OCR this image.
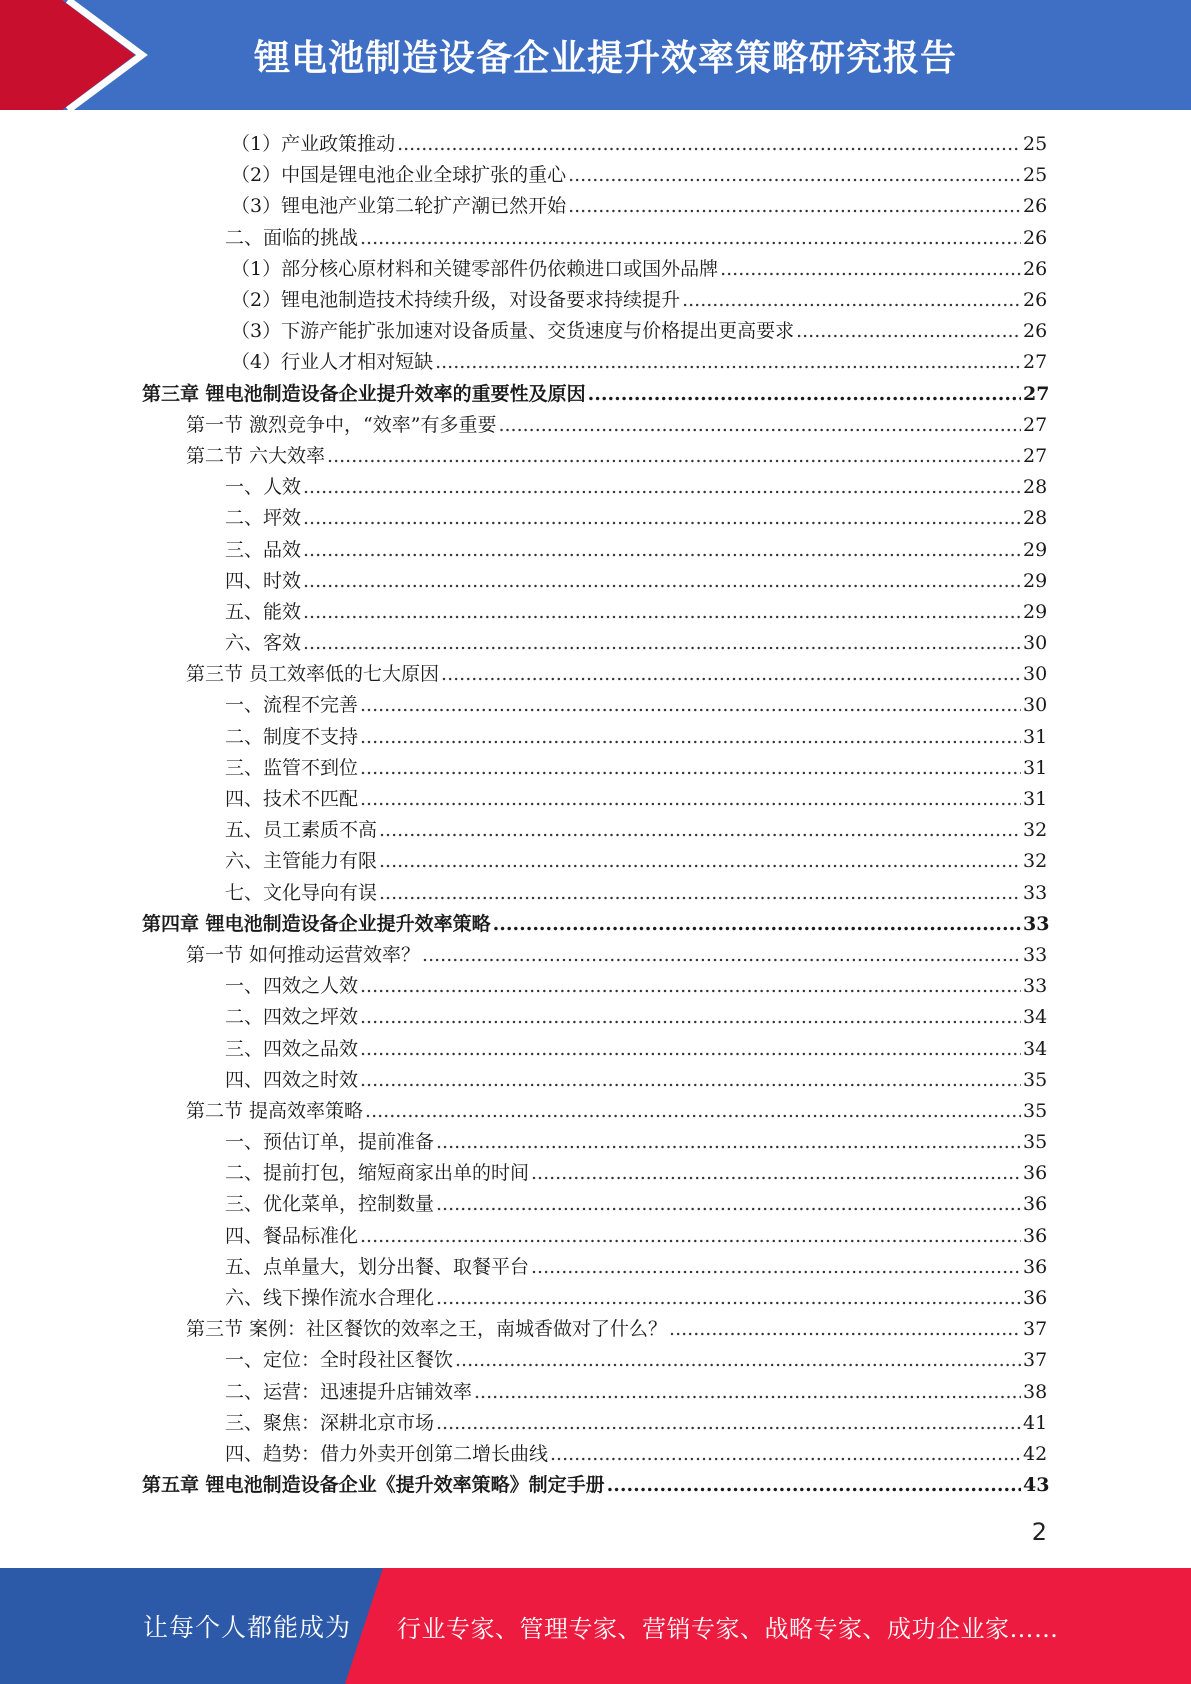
锂电池制造设备企业提升效率策略研究报告
（1）产业政策推动 .....	25
（2）中国是锂电池企业全球扩张的重心 .....	25
（3）锂电池产业第二轮扩产潮已然开始 .....	26
二、面临的挑战 .....	26
（1）部分核心原材料和关键零部件仍依赖进口或国外品牌 .....	26
（2）锂电池制造技术持续升级，对设备要求持续提升 .....	26
（3）下游产能扩张加速对设备质量、交货速度与价格提出更高要求 .....	26
（4）行业人才相对短缺 .....	27
第三章 锂电池制造设备企业提升效率的重要性及原因 .....	27
第一节 激烈竞争中，“效率”有多重要 .....	27
第二节 六大效率 .....	27
一、人效 .....	28
二、坪效 .....	28
三、品效 .....	29
四、时效 .....	29
五、能效 .....	29
六、客效 .....	30
第三节 员工效率低的七大原因 .....	30
一、流程不完善 .....	30
二、制度不支持 .....	31
三、监管不到位 .....	31
四、技术不匹配 .....	31
五、员工素质不高 .....	32
六、主管能力有限 .....	32
七、文化导向有误 .....	33
第四章 锂电池制造设备企业提升效率策略 .....	33
第一节 如何推动运营效率？ .....	33
一、四效之人效 .....	33
二、四效之坪效 .....	34
三、四效之品效 .....	34
四、四效之时效 .....	35
第二节 提高效率策略 .....	35
一、预估订单，提前准备 .....	35
二、提前打包，缩短商家出单的时间 .....	36
三、优化菜单，控制数量 .....	36
四、餐品标准化 .....	36
五、点单量大，划分出餐、取餐平台 .....	36
六、线下操作流水合理化 .....	36
第三节 案例：社区餐饮的效率之王，南城香做对了什么？ .....	37
一、定位：全时段社区餐饮 .....	37
二、运营：迅速提升店铺效率 .....	38
三、聚焦：深耕北京市场 .....	41
四、趋势：借力外卖开创第二增长曲线 .....	42
第五章 锂电池制造设备企业《提升效率策略》制定手册 .....	43
2
让每个人都能成为 行业专家、管理专家、营销专家、战略专家、成功企业家……
